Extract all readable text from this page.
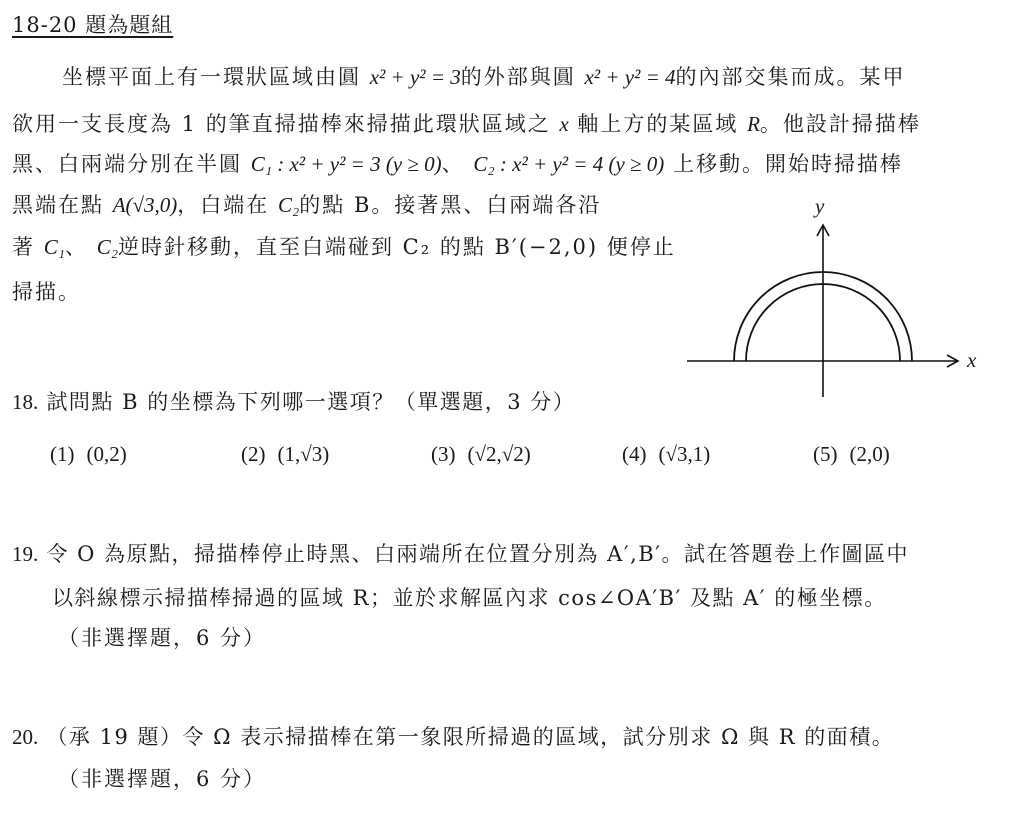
18-20 題為題組
坐標平面上有一環狀區域由圓 x² + y² = 3的外部與圓 x² + y² = 4的內部交集而成。某甲
欲用一支長度為 1 的筆直掃描棒來掃描此環狀區域之 x 軸上方的某區域 R。他設計掃描棒
黑、白兩端分別在半圓 C₁ : x² + y² = 3 (y ≥ 0)、 C₂ : x² + y² = 4 (y ≥ 0) 上移動。開始時掃描棒
黑端在點 A(√3,0)，白端在 C₂的點 B。接著黑、白兩端各沿
著 C₁、 C₂逆時針移動，直至白端碰到 C₂ 的點 B′(−2,0) 便停止
掃描。
y
x
18. 試問點 B 的坐標為下列哪一選項？（單選題，3 分）
(1) (0,2)	(2) (1,√3)	(3) (√2,√2)	(4) (√3,1)	(5) (2,0)
19. 令 O 為原點，掃描棒停止時黑、白兩端所在位置分別為 A′,B′。試在答題卷上作圖區中
以斜線標示掃描棒掃過的區域 R；並於求解區內求 cos∠OA′B′ 及點 A′ 的極坐標。
（非選擇題，6 分）
20. （承 19 題）令 Ω 表示掃描棒在第一象限所掃過的區域，試分別求 Ω 與 R 的面積。
（非選擇題，6 分）
